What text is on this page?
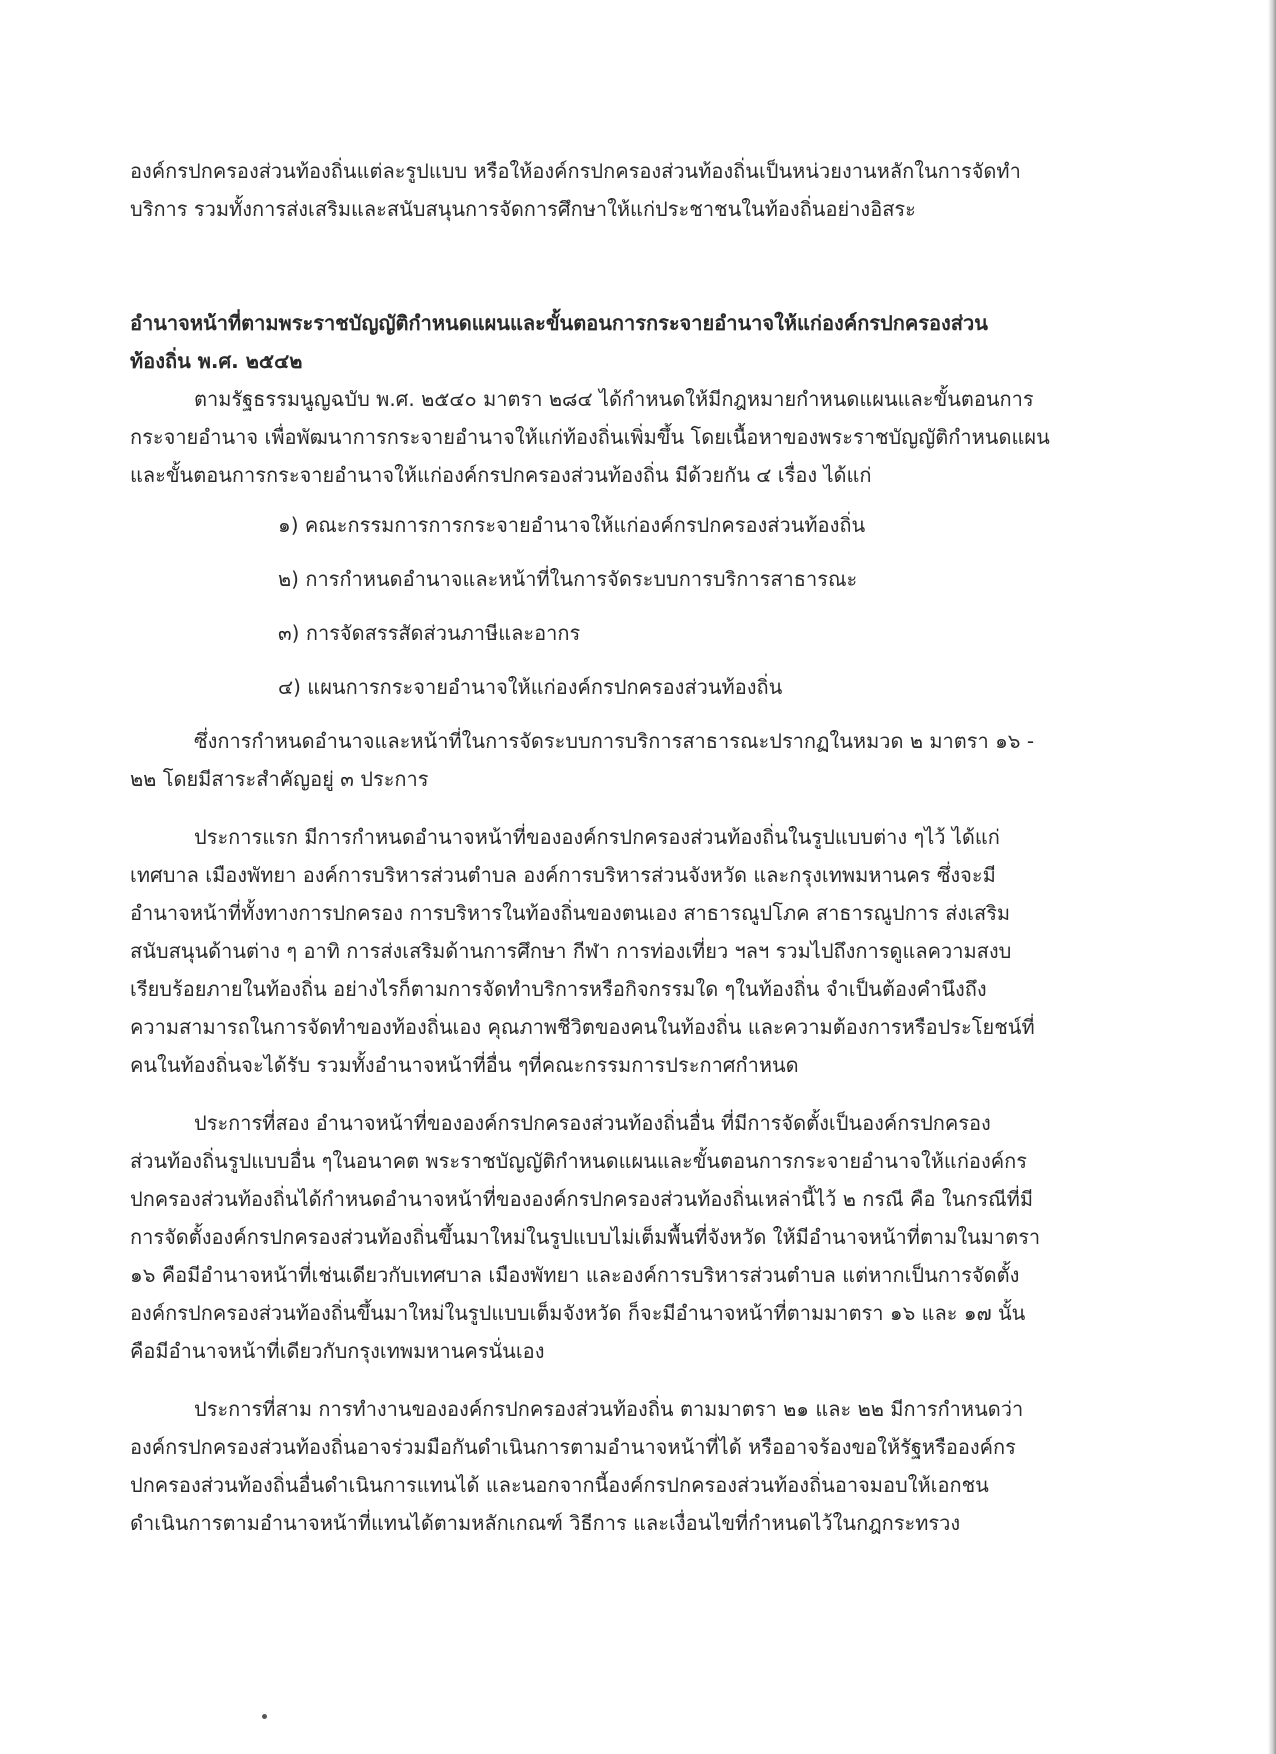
องค์กรปกครองส่วนท้องถิ่นแต่ละรูปแบบ หรือให้องค์กรปกครองส่วนท้องถิ่นเป็นหน่วยงานหลักในการจัดทำ
บริการ รวมทั้งการส่งเสริมและสนับสนุนการจัดการศึกษาให้แก่ประชาชนในท้องถิ่นอย่างอิสระ

อำนาจหน้าที่ตามพระราชบัญญัติกำหนดแผนและขั้นตอนการกระจายอำนาจให้แก่องค์กรปกครองส่วน
ท้องถิ่น พ.ศ. ๒๕๔๒

ตามรัฐธรรมนูญฉบับ พ.ศ. ๒๕๔๐ มาตรา ๒๘๔ ได้กำหนดให้มีกฎหมายกำหนดแผนและขั้นตอนการ
กระจายอำนาจ เพื่อพัฒนาการกระจายอำนาจให้แก่ท้องถิ่นเพิ่มขึ้น โดยเนื้อหาของพระราชบัญญัติกำหนดแผน
และขั้นตอนการกระจายอำนาจให้แก่องค์กรปกครองส่วนท้องถิ่น มีด้วยกัน ๔ เรื่อง ได้แก่

๑) คณะกรรมการการกระจายอำนาจให้แก่องค์กรปกครองส่วนท้องถิ่น
๒) การกำหนดอำนาจและหน้าที่ในการจัดระบบการบริการสาธารณะ
๓) การจัดสรรสัดส่วนภาษีและอากร
๔) แผนการกระจายอำนาจให้แก่องค์กรปกครองส่วนท้องถิ่น

ซึ่งการกำหนดอำนาจและหน้าที่ในการจัดระบบการบริการสาธารณะปรากฏในหมวด ๒ มาตรา ๑๖ -
๒๒ โดยมีสาระสำคัญอยู่ ๓ ประการ

ประการแรก มีการกำหนดอำนาจหน้าที่ขององค์กรปกครองส่วนท้องถิ่นในรูปแบบต่าง ๆไว้ ได้แก่
เทศบาล เมืองพัทยา องค์การบริหารส่วนตำบล องค์การบริหารส่วนจังหวัด และกรุงเทพมหานคร ซึ่งจะมี
อำนาจหน้าที่ทั้งทางการปกครอง การบริหารในท้องถิ่นของตนเอง สาธารณูปโภค สาธารณูปการ ส่งเสริม
สนับสนุนด้านต่าง ๆ อาทิ การส่งเสริมด้านการศึกษา กีฬา การท่องเที่ยว ฯลฯ รวมไปถึงการดูแลความสงบ
เรียบร้อยภายในท้องถิ่น อย่างไรก็ตามการจัดทำบริการหรือกิจกรรมใด ๆในท้องถิ่น จำเป็นต้องคำนึงถึง
ความสามารถในการจัดทำของท้องถิ่นเอง คุณภาพชีวิตของคนในท้องถิ่น และความต้องการหรือประโยชน์ที่
คนในท้องถิ่นจะได้รับ รวมทั้งอำนาจหน้าที่อื่น ๆที่คณะกรรมการประกาศกำหนด

ประการที่สอง อำนาจหน้าที่ขององค์กรปกครองส่วนท้องถิ่นอื่น ที่มีการจัดตั้งเป็นองค์กรปกครอง
ส่วนท้องถิ่นรูปแบบอื่น ๆในอนาคต พระราชบัญญัติกำหนดแผนและขั้นตอนการกระจายอำนาจให้แก่องค์กร
ปกครองส่วนท้องถิ่นได้กำหนดอำนาจหน้าที่ขององค์กรปกครองส่วนท้องถิ่นเหล่านี้ไว้ ๒ กรณี คือ ในกรณีที่มี
การจัดตั้งองค์กรปกครองส่วนท้องถิ่นขึ้นมาใหม่ในรูปแบบไม่เต็มพื้นที่จังหวัด ให้มีอำนาจหน้าที่ตามในมาตรา
๑๖ คือมีอำนาจหน้าที่เช่นเดียวกับเทศบาล เมืองพัทยา และองค์การบริหารส่วนตำบล แต่หากเป็นการจัดตั้ง
องค์กรปกครองส่วนท้องถิ่นขึ้นมาใหม่ในรูปแบบเต็มจังหวัด ก็จะมีอำนาจหน้าที่ตามมาตรา ๑๖ และ ๑๗ นั้น
คือมีอำนาจหน้าที่เดียวกับกรุงเทพมหานครนั่นเอง

ประการที่สาม การทำงานขององค์กรปกครองส่วนท้องถิ่น ตามมาตรา ๒๑ และ ๒๒ มีการกำหนดว่า
องค์กรปกครองส่วนท้องถิ่นอาจร่วมมือกันดำเนินการตามอำนาจหน้าที่ได้ หรืออาจร้องขอให้รัฐหรือองค์กร
ปกครองส่วนท้องถิ่นอื่นดำเนินการแทนได้ และนอกจากนี้องค์กรปกครองส่วนท้องถิ่นอาจมอบให้เอกชน
ดำเนินการตามอำนาจหน้าที่แทนได้ตามหลักเกณฑ์ วิธีการ และเงื่อนไขที่กำหนดไว้ในกฎกระทรวง
